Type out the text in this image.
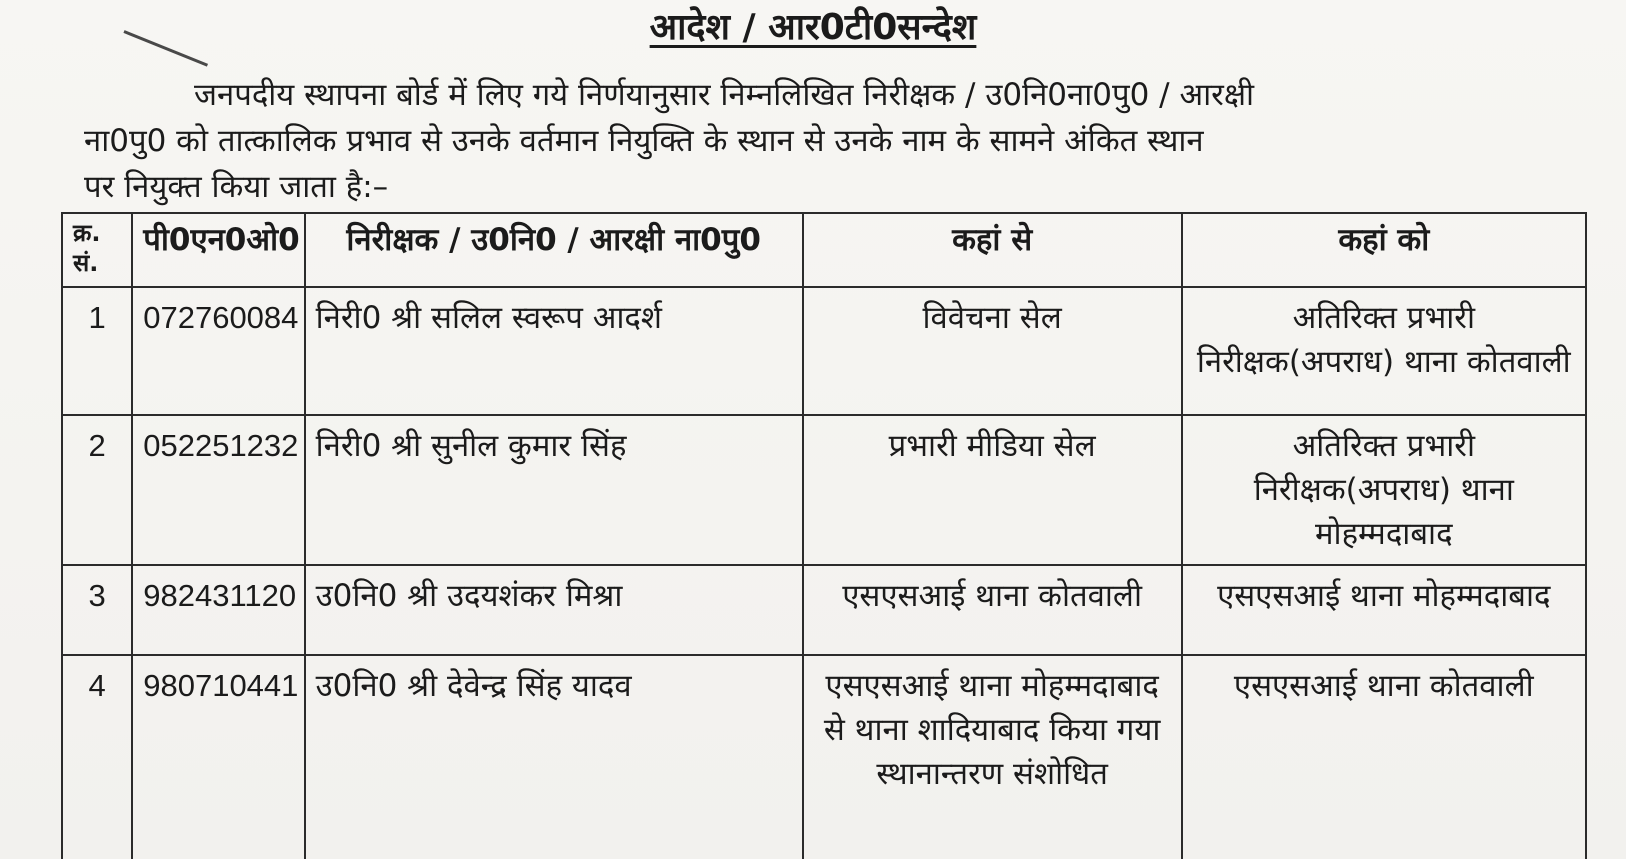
आदेश / आर0टी0सन्देश
जनपदीय स्थापना बोर्ड में लिए गये निर्णयानुसार निम्नलिखित निरीक्षक / उ0नि0ना0पु0 / आरक्षी
ना0पु0 को तात्कालिक प्रभाव से उनके वर्तमान नियुक्ति के स्थान से उनके नाम के सामने अंकित स्थान
पर नियुक्त किया जाता है:–
क्र. सं.	पी0एन0ओ0	निरीक्षक / उ0नि0 / आरक्षी ना0पु0	कहां से	कहां को
1	072760084	निरी0 श्री सलिल स्वरूप आदर्श	विवेचना सेल	अतिरिक्त प्रभारी निरीक्षक(अपराध) थाना कोतवाली
2	052251232	निरी0 श्री सुनील कुमार सिंह	प्रभारी मीडिया सेल	अतिरिक्त प्रभारी निरीक्षक(अपराध) थाना मोहम्मदाबाद
3	982431120	उ0नि0 श्री उदयशंकर मिश्रा	एसएसआई थाना कोतवाली	एसएसआई थाना मोहम्मदाबाद
4	980710441	उ0नि0 श्री देवेन्द्र सिंह यादव	एसएसआई थाना मोहम्मदाबाद से थाना शादियाबाद किया गया स्थानान्तरण संशोधित	एसएसआई थाना कोतवाली
